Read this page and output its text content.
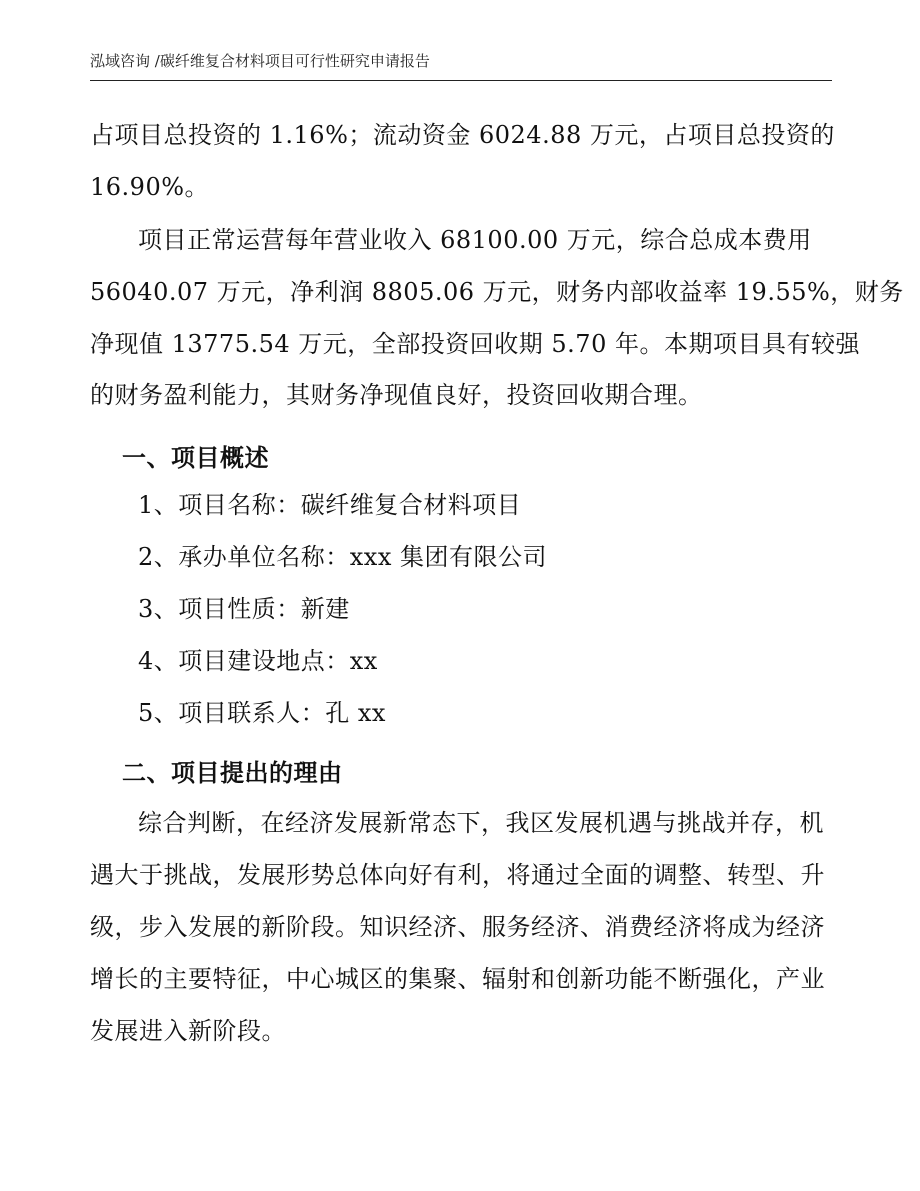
泓域咨询 /碳纤维复合材料项目可行性研究申请报告
占项目总投资的 1.16%；流动资金 6024.88 万元，占项目总投资的
16.90%。
项目正常运营每年营业收入 68100.00 万元，综合总成本费用
56040.07 万元，净利润 8805.06 万元，财务内部收益率 19.55%，财务
净现值 13775.54 万元，全部投资回收期 5.70 年。本期项目具有较强
的财务盈利能力，其财务净现值良好，投资回收期合理。
一、项目概述
1、项目名称：碳纤维复合材料项目
2、承办单位名称：xxx 集团有限公司
3、项目性质：新建
4、项目建设地点：xx
5、项目联系人：孔 xx
二、项目提出的理由
综合判断，在经济发展新常态下，我区发展机遇与挑战并存，机
遇大于挑战，发展形势总体向好有利，将通过全面的调整、转型、升
级，步入发展的新阶段。知识经济、服务经济、消费经济将成为经济
增长的主要特征，中心城区的集聚、辐射和创新功能不断强化，产业
发展进入新阶段。
